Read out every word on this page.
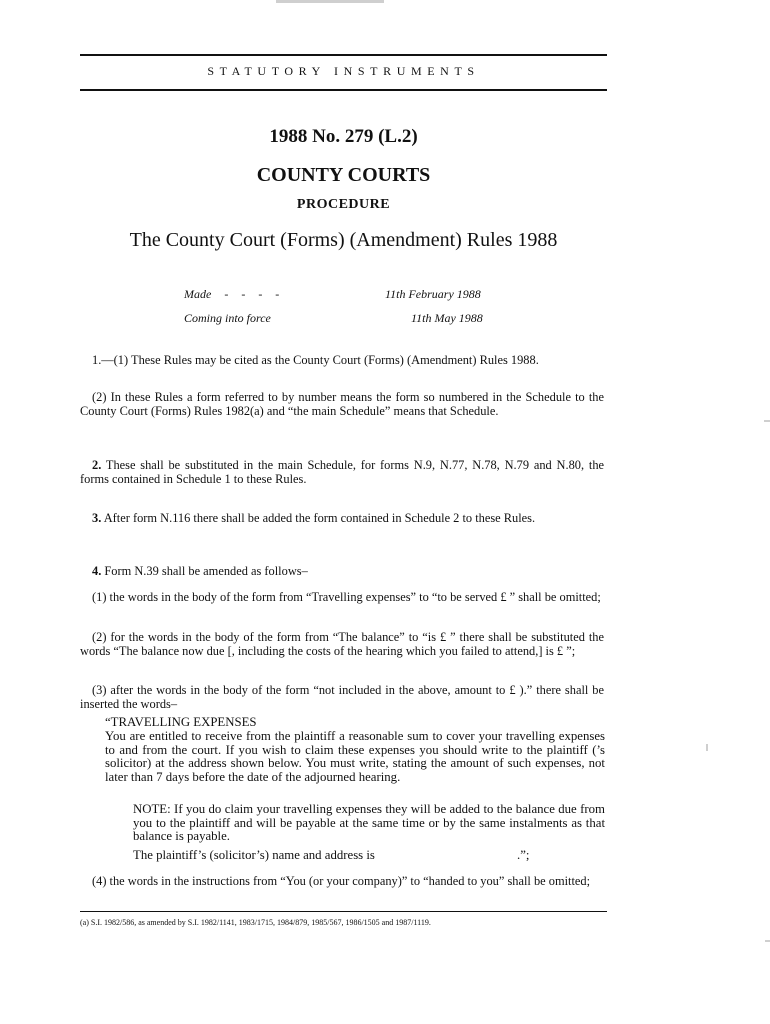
STATUTORY INSTRUMENTS
1988 No. 279 (L.2)
COUNTY COURTS
PROCEDURE
The County Court (Forms) (Amendment) Rules 1988
Made - - - -	11th February 1988
Coming into force	11th May 1988
1.—(1) These Rules may be cited as the County Court (Forms) (Amendment) Rules 1988.
(2) In these Rules a form referred to by number means the form so numbered in the Schedule to the County Court (Forms) Rules 1982(a) and “the main Schedule” means that Schedule.
2. These shall be substituted in the main Schedule, for forms N.9, N.77, N.78, N.79 and N.80, the forms contained in Schedule 1 to these Rules.
3. After form N.116 there shall be added the form contained in Schedule 2 to these Rules.
4. Form N.39 shall be amended as follows–
(1) the words in the body of the form from “Travelling expenses” to “to be served £ ” shall be omitted;
(2) for the words in the body of the form from “The balance” to “is £ ” there shall be substituted the words “The balance now due [, including the costs of the hearing which you failed to attend,] is £ ”;
(3) after the words in the body of the form “not included in the above, amount to £ ).” there shall be inserted the words–
“TRAVELLING EXPENSES
You are entitled to receive from the plaintiff a reasonable sum to cover your travelling expenses to and from the court. If you wish to claim these expenses you should write to the plaintiff (’s solicitor) at the address shown below. You must write, stating the amount of such expenses, not later than 7 days before the date of the adjourned hearing.
NOTE: If you do claim your travelling expenses they will be added to the balance due from you to the plaintiff and will be payable at the same time or by the same instalments as that balance is payable.
The plaintiff’s (solicitor’s) name and address is	.”;
(4) the words in the instructions from “You (or your company)” to “handed to you” shall be omitted;
(a) S.I. 1982/586, as amended by S.I. 1982/1141, 1983/1715, 1984/879, 1985/567, 1986/1505 and 1987/1119.
